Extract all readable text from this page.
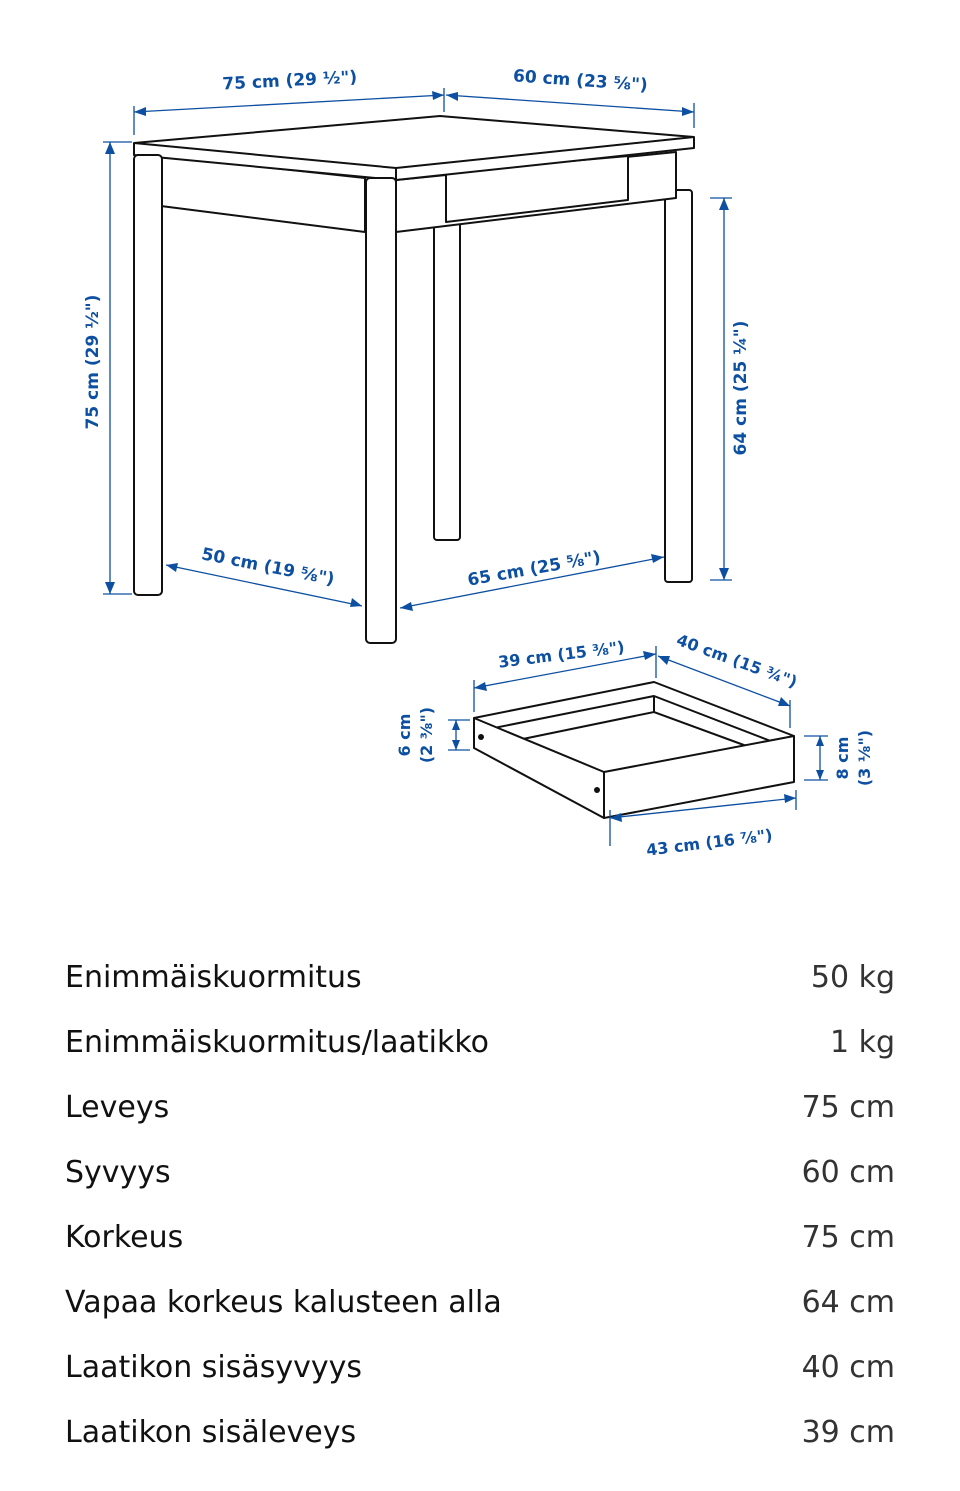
75 cm (29 ½")	60 cm (23 ⅝")
75 cm (29 ½")	64 cm (25 ¼")
50 cm (19 ⅝")	65 cm (25 ⅝")
39 cm (15 ⅜")	40 cm (15 ¾")
6 cm (2 ⅜")	8 cm (3 ⅛")
43 cm (16 ⅞")
Enimmäiskuormitus	50 kg
Enimmäiskuormitus/laatikko	1 kg
Leveys	75 cm
Syvyys	60 cm
Korkeus	75 cm
Vapaa korkeus kalusteen alla	64 cm
Laatikon sisäsyvyys	40 cm
Laatikon sisäleveys	39 cm
